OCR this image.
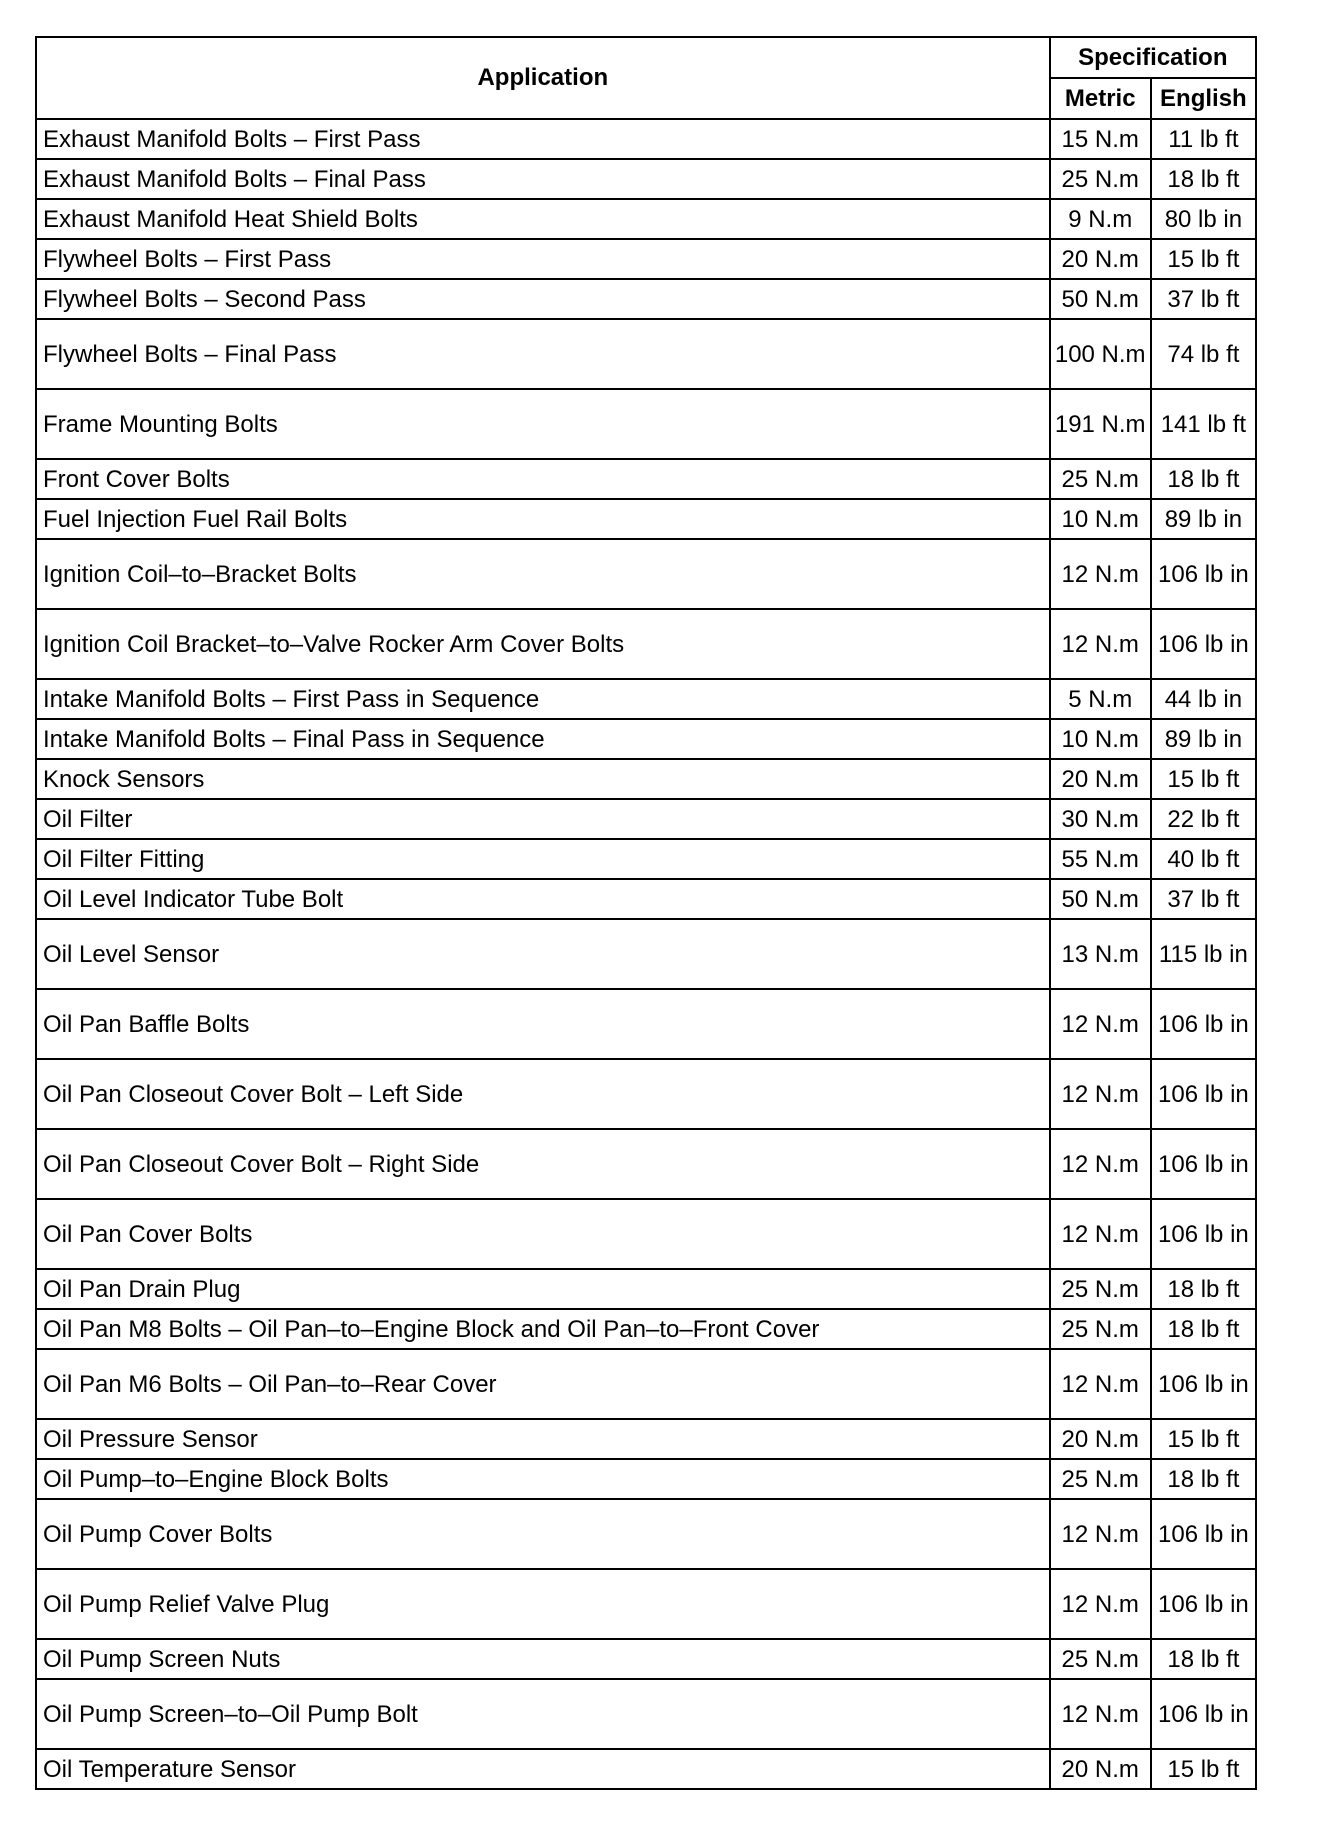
Application	Specification	
	Metric	English
Exhaust Manifold Bolts – First Pass	15 N.m	11 lb ft
Exhaust Manifold Bolts – Final Pass	25 N.m	18 lb ft
Exhaust Manifold Heat Shield Bolts	9 N.m	80 lb in
Flywheel Bolts – First Pass	20 N.m	15 lb ft
Flywheel Bolts – Second Pass	50 N.m	37 lb ft
Flywheel Bolts – Final Pass	100 N.m	74 lb ft
Frame Mounting Bolts	191 N.m	141 lb ft
Front Cover Bolts	25 N.m	18 lb ft
Fuel Injection Fuel Rail Bolts	10 N.m	89 lb in
Ignition Coil–to–Bracket Bolts	12 N.m	106 lb in
Ignition Coil Bracket–to–Valve Rocker Arm Cover Bolts	12 N.m	106 lb in
Intake Manifold Bolts – First Pass in Sequence	5 N.m	44 lb in
Intake Manifold Bolts – Final Pass in Sequence	10 N.m	89 lb in
Knock Sensors	20 N.m	15 lb ft
Oil Filter	30 N.m	22 lb ft
Oil Filter Fitting	55 N.m	40 lb ft
Oil Level Indicator Tube Bolt	50 N.m	37 lb ft
Oil Level Sensor	13 N.m	115 lb in
Oil Pan Baffle Bolts	12 N.m	106 lb in
Oil Pan Closeout Cover Bolt – Left Side	12 N.m	106 lb in
Oil Pan Closeout Cover Bolt – Right Side	12 N.m	106 lb in
Oil Pan Cover Bolts	12 N.m	106 lb in
Oil Pan Drain Plug	25 N.m	18 lb ft
Oil Pan M8 Bolts – Oil Pan–to–Engine Block and Oil Pan–to–Front Cover	25 N.m	18 lb ft
Oil Pan M6 Bolts – Oil Pan–to–Rear Cover	12 N.m	106 lb in
Oil Pressure Sensor	20 N.m	15 lb ft
Oil Pump–to–Engine Block Bolts	25 N.m	18 lb ft
Oil Pump Cover Bolts	12 N.m	106 lb in
Oil Pump Relief Valve Plug	12 N.m	106 lb in
Oil Pump Screen Nuts	25 N.m	18 lb ft
Oil Pump Screen–to–Oil Pump Bolt	12 N.m	106 lb in
Oil Temperature Sensor	20 N.m	15 lb ft
